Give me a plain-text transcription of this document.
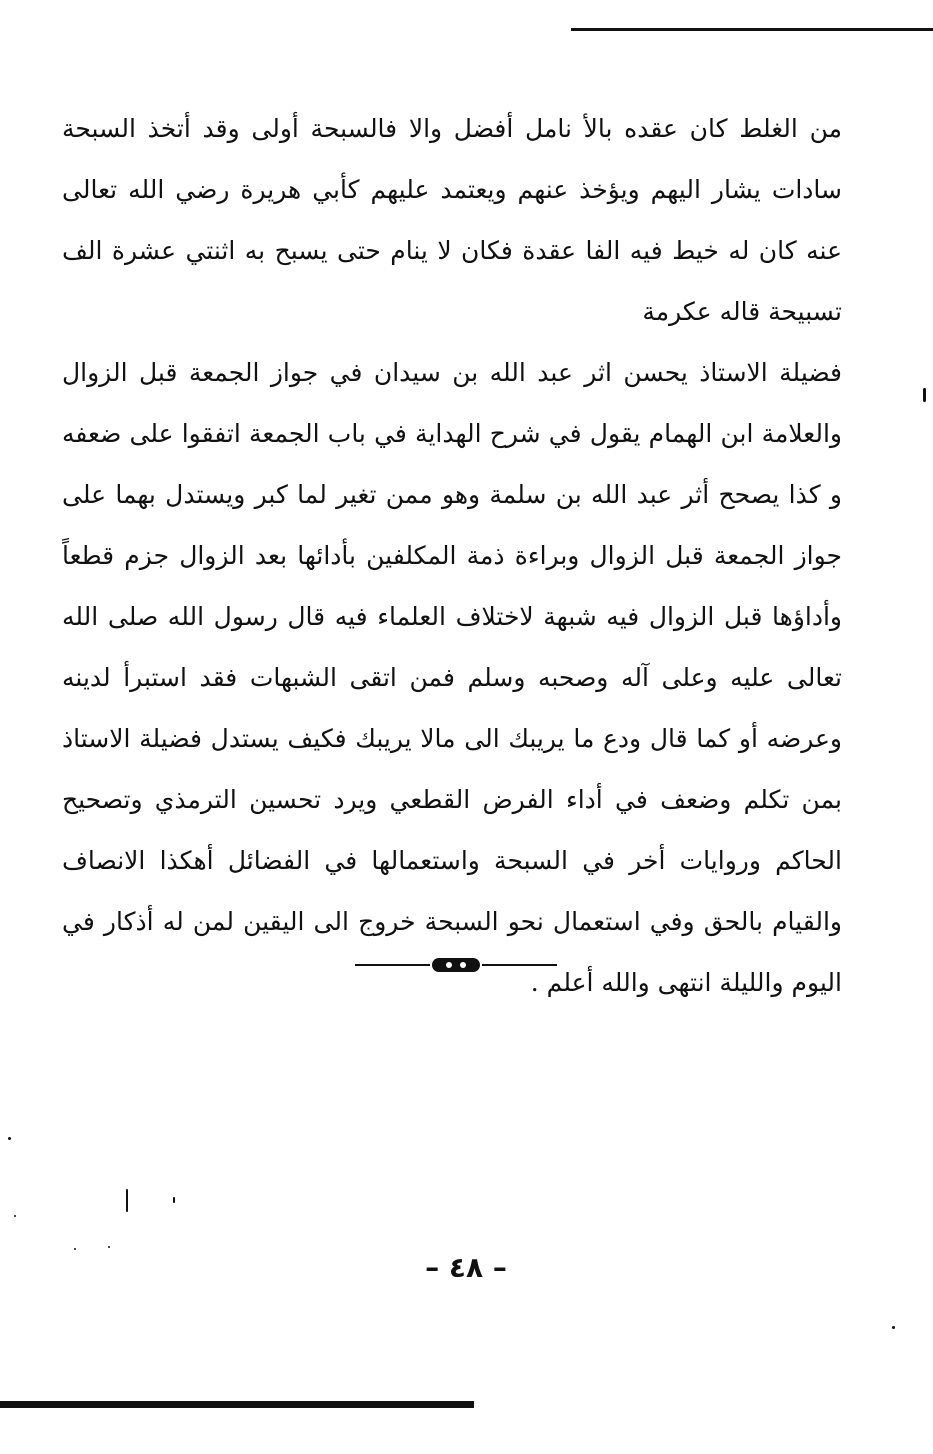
من الغلط كان عقده بالأ نامل أفضل والا فالسبحة أولى وقد أتخذ السبحة سادات يشار اليهم ويؤخذ عنهم ويعتمد عليهم كأبي هريرة رضي الله تعالى عنه كان له خيط فيه الفا عقدة فكان لا ينام حتى يسبح به اثنتي عشرة الف تسبيحة قاله عكرمة

فضيلة الاستاذ يحسن اثر عبد الله بن سيدان في جواز الجمعة قبل الزوال والعلامة ابن الهمام يقول في شرح الهداية في باب الجمعة اتفقوا على ضعفه و كذا يصحح أثر عبد الله بن سلمة وهو ممن تغير لما كبر ويستدل بهما على جواز الجمعة قبل الزوال وبراءة ذمة المكلفين بأدائها بعد الزوال جزم قطعاً وأداؤها قبل الزوال فيه شبهة لاختلاف العلماء فيه قال رسول الله صلى الله تعالى عليه وعلى آله وصحبه وسلم فمن اتقى الشبهات فقد استبرأ لدينه وعرضه أو كما قال ودع ما يريبك الى مالا يريبك فكيف يستدل فضيلة الاستاذ بمن تكلم وضعف في أداء الفرض القطعي ويرد تحسين الترمذي وتصحيح الحاكم وروايات أخر في السبحة واستعمالها في الفضائل أهكذا الانصاف والقيام بالحق وفي استعمال نحو السبحة خروج الى اليقين لمن له أذكار في اليوم والليلة انتهى والله أعلم .

– ٤٨ –
